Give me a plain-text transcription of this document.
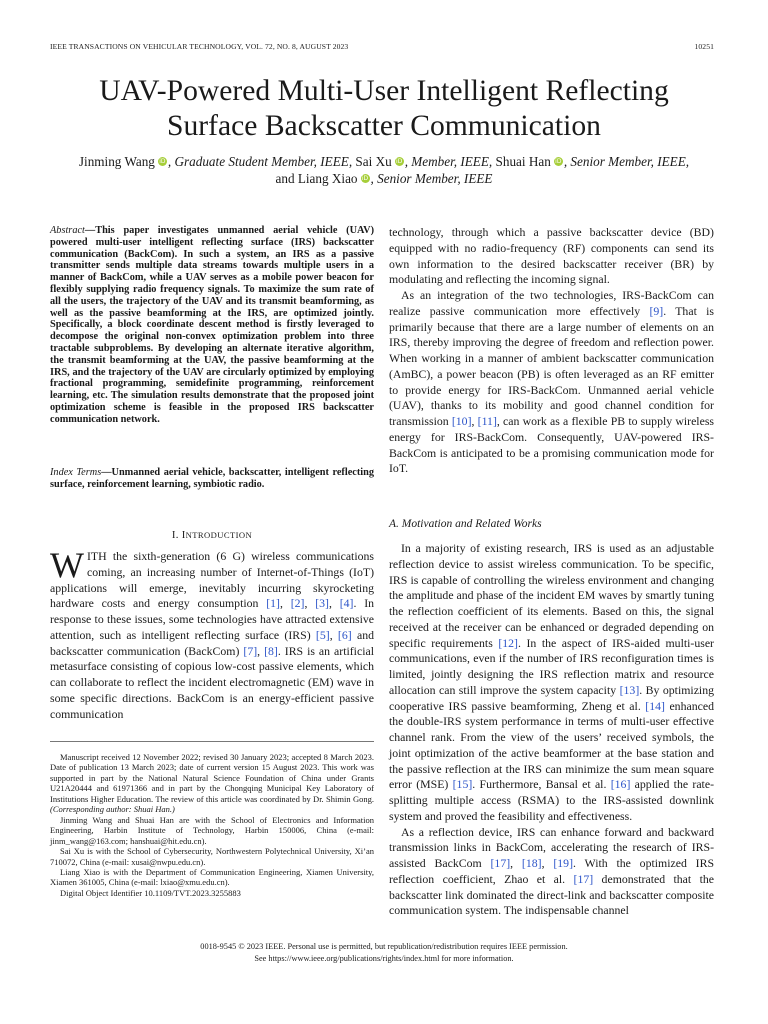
IEEE TRANSACTIONS ON VEHICULAR TECHNOLOGY, VOL. 72, NO. 8, AUGUST 2023	10251
UAV-Powered Multi-User Intelligent Reflecting
Surface Backscatter Communication
Jinming Wang iD , Graduate Student Member, IEEE, Sai Xu iD , Member, IEEE, Shuai Han iD , Senior Member, IEEE,
and Liang Xiao iD , Senior Member, IEEE
Abstract—This paper investigates unmanned aerial vehicle (UAV) powered multi-user intelligent reflecting surface (IRS) backscatter communication (BackCom). In such a system, an IRS as a passive transmitter sends multiple data streams towards multiple users in a manner of BackCom, while a UAV serves as a mobile power beacon for flexibly supplying radio frequency signals. To maximize the sum rate of all the users, the trajectory of the UAV and its transmit beamforming, as well as the passive beamforming at the IRS, are optimized jointly. Specifically, a block coordinate descent method is firstly leveraged to decompose the original non-convex optimization problem into three tractable subproblems. By developing an alternate iterative algorithm, the transmit beamforming at the UAV, the passive beamforming at the IRS, and the trajectory of the UAV are circularly optimized by employing fractional programming, semidefinite programming, reinforcement learning, etc. The simulation results demonstrate that the proposed joint optimization scheme is feasible in the proposed IRS backscatter communication network.
Index Terms—Unmanned aerial vehicle, backscatter, intelligent reflecting surface, reinforcement learning, symbiotic radio.
I. INTRODUCTION

WITH the sixth-generation (6 G) wireless communications coming, an increasing number of Internet-of-Things (IoT) applications will emerge, inevitably incurring skyrocketing hardware costs and energy consumption [1], [2], [3], [4]. In response to these issues, some technologies have attracted extensive attention, such as intelligent reflecting surface (IRS) [5], [6] and backscatter communication (BackCom) [7], [8]. IRS is an artificial metasurface consisting of copious low-cost passive elements, which can collaborate to reflect the incident electromagnetic (EM) wave in some specific directions. BackCom is an energy-efficient passive communication

Manuscript received 12 November 2022; revised 30 January 2023; accepted 8 March 2023. Date of publication 13 March 2023; date of current version 15 August 2023. This work was supported in part by the National Natural Science Foundation of China under Grants U21A20444 and 61971366 and in part by the Chongqing Municipal Key Laboratory of Institutions Higher Education. The review of this article was coordinated by Dr. Shimin Gong. (Corresponding author: Shuai Han.)

Jinming Wang and Shuai Han are with the School of Electronics and Information Engineering, Harbin Institute of Technology, Harbin 150006, China (e-mail: jinm_wang@163.com; hanshuai@hit.edu.cn).

Sai Xu is with the School of Cybersecurity, Northwestern Polytechnical University, Xi’an 710072, China (e-mail: xusai@nwpu.edu.cn).

Liang Xiao is with the Department of Communication Engineering, Xiamen University, Xiamen 361005, China (e-mail: lxiao@xmu.edu.cn).

Digital Object Identifier 10.1109/TVT.2023.3255883

technology, through which a passive backscatter device (BD) equipped with no radio-frequency (RF) components can send its own information to the desired backscatter receiver (BR) by modulating and reflecting the incoming signal.

As an integration of the two technologies, IRS-BackCom can realize passive communication more effectively [9]. That is primarily because that there are a large number of elements on an IRS, thereby improving the degree of freedom and reflection power. When working in a manner of ambient backscatter communication (AmBC), a power beacon (PB) is often leveraged as an RF emitter to provide energy for IRS-BackCom. Unmanned aerial vehicle (UAV), thanks to its mobility and good channel condition for transmission [10], [11], can work as a flexible PB to supply wireless energy for IRS-BackCom. Consequently, UAV-powered IRS-BackCom is anticipated to be a promising communication mode for IoT.

A. Motivation and Related Works

In a majority of existing research, IRS is used as an adjustable reflection device to assist wireless communication. To be specific, IRS is capable of controlling the wireless environment and changing the amplitude and phase of the incident EM waves by smartly tuning the reflection coefficient of its elements. Based on this, the signal received at the receiver can be enhanced or degraded depending on specific requirements [12]. In the aspect of IRS-aided multi-user communications, even if the number of IRS reconfiguration times is limited, jointly designing the IRS reflection matrix and resource allocation can still improve the system capacity [13]. By optimizing cooperative IRS passive beamforming, Zheng et al. [14] enhanced the double-IRS system performance in terms of multi-user effective channel rank. From the view of the users’ received symbols, the joint optimization of the active beamformer at the base station and the passive reflection at the IRS can minimize the sum mean square error (MSE) [15]. Furthermore, Bansal et al. [16] applied the rate-splitting multiple access (RSMA) to the IRS-assisted downlink system and proved the feasibility and effectiveness.

As a reflection device, IRS can enhance forward and backward transmission links in BackCom, accelerating the research of IRS-assisted BackCom [17], [18], [19]. With the optimized IRS reflection coefficient, Zhao et al. [17] demonstrated that the backscatter link dominated the direct-link and backscatter composite communication system. The indispensable channel

0018-9545 © 2023 IEEE. Personal use is permitted, but republication/redistribution requires IEEE permission.
See https://www.ieee.org/publications/rights/index.html for more information.
